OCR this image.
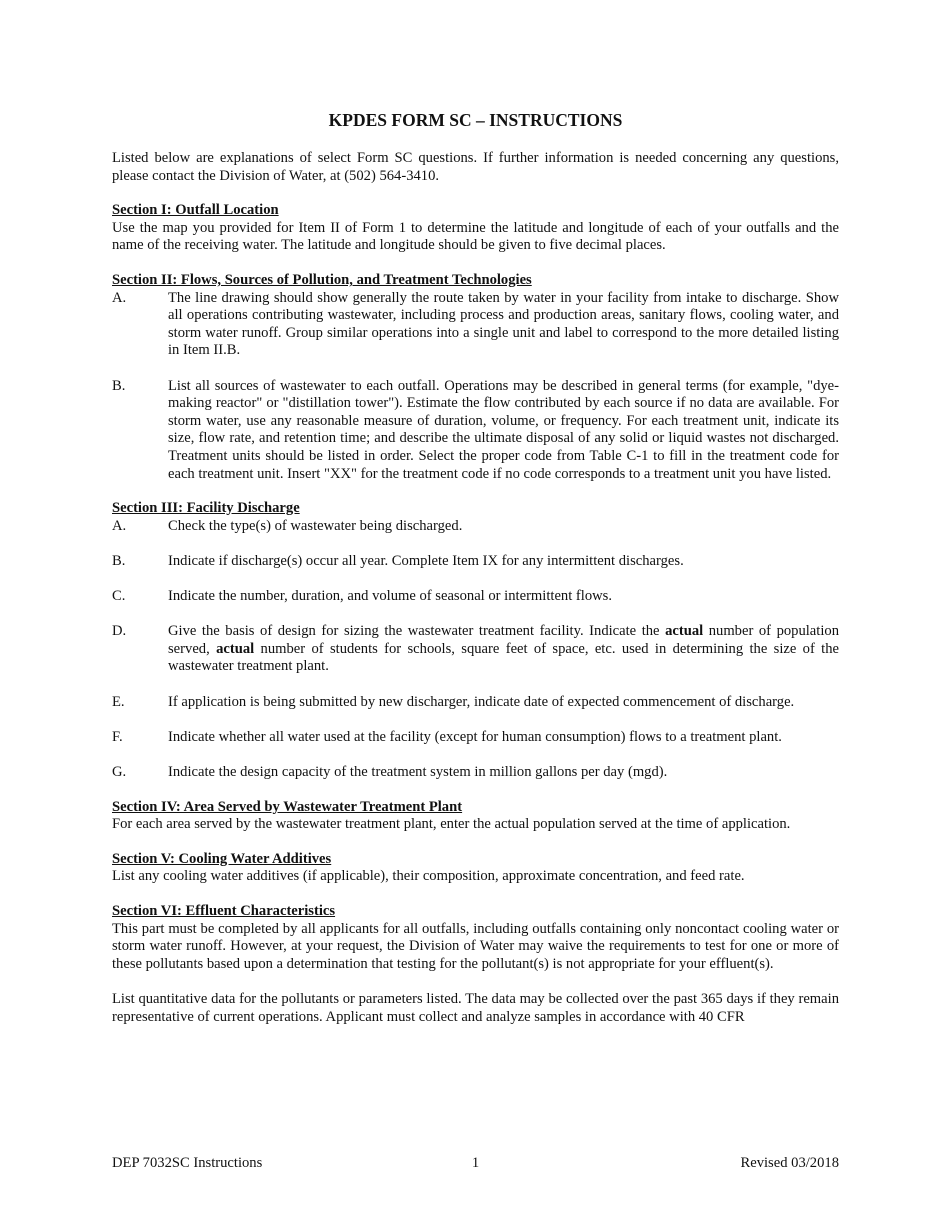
KPDES FORM SC – INSTRUCTIONS

Listed below are explanations of select Form SC questions. If further information is needed concerning any questions, please contact the Division of Water, at (502) 564-3410.

Section I: Outfall Location

Use the map you provided for Item II of Form 1 to determine the latitude and longitude of each of your outfalls and the name of the receiving water. The latitude and longitude should be given to five decimal places.

Section II: Flows, Sources of Pollution, and Treatment Technologies
A.	The line drawing should show generally the route taken by water in your facility from intake to discharge. Show all operations contributing wastewater, including process and production areas, sanitary flows, cooling water, and storm water runoff. Group similar operations into a single unit and label to correspond to the more detailed listing in Item II.B.
B.	List all sources of wastewater to each outfall. Operations may be described in general terms (for example, "dye-making reactor" or "distillation tower"). Estimate the flow contributed by each source if no data are available. For storm water, use any reasonable measure of duration, volume, or frequency. For each treatment unit, indicate its size, flow rate, and retention time; and describe the ultimate disposal of any solid or liquid wastes not discharged. Treatment units should be listed in order. Select the proper code from Table C-1 to fill in the treatment code for each treatment unit. Insert "XX" for the treatment code if no code corresponds to a treatment unit you have listed.
Section III: Facility Discharge
A.	Check the type(s) of wastewater being discharged.
B.	Indicate if discharge(s) occur all year. Complete Item IX for any intermittent discharges.
C.	Indicate the number, duration, and volume of seasonal or intermittent flows.
D.	Give the basis of design for sizing the wastewater treatment facility. Indicate the actual number of population served, actual number of students for schools, square feet of space, etc. used in determining the size of the wastewater treatment plant.
E.	If application is being submitted by new discharger, indicate date of expected commencement of discharge.
F.	Indicate whether all water used at the facility (except for human consumption) flows to a treatment plant.
G.	Indicate the design capacity of the treatment system in million gallons per day (mgd).
Section IV: Area Served by Wastewater Treatment Plant

For each area served by the wastewater treatment plant, enter the actual population served at the time of application.

Section V: Cooling Water Additives

List any cooling water additives (if applicable), their composition, approximate concentration, and feed rate.

Section VI: Effluent Characteristics

This part must be completed by all applicants for all outfalls, including outfalls containing only noncontact cooling water or storm water runoff. However, at your request, the Division of Water may waive the requirements to test for one or more of these pollutants based upon a determination that testing for the pollutant(s) is not appropriate for your effluent(s).

List quantitative data for the pollutants or parameters listed. The data may be collected over the past 365 days if they remain representative of current operations. Applicant must collect and analyze samples in accordance with 40 CFR

DEP 7032SC Instructions	1	Revised 03/2018
